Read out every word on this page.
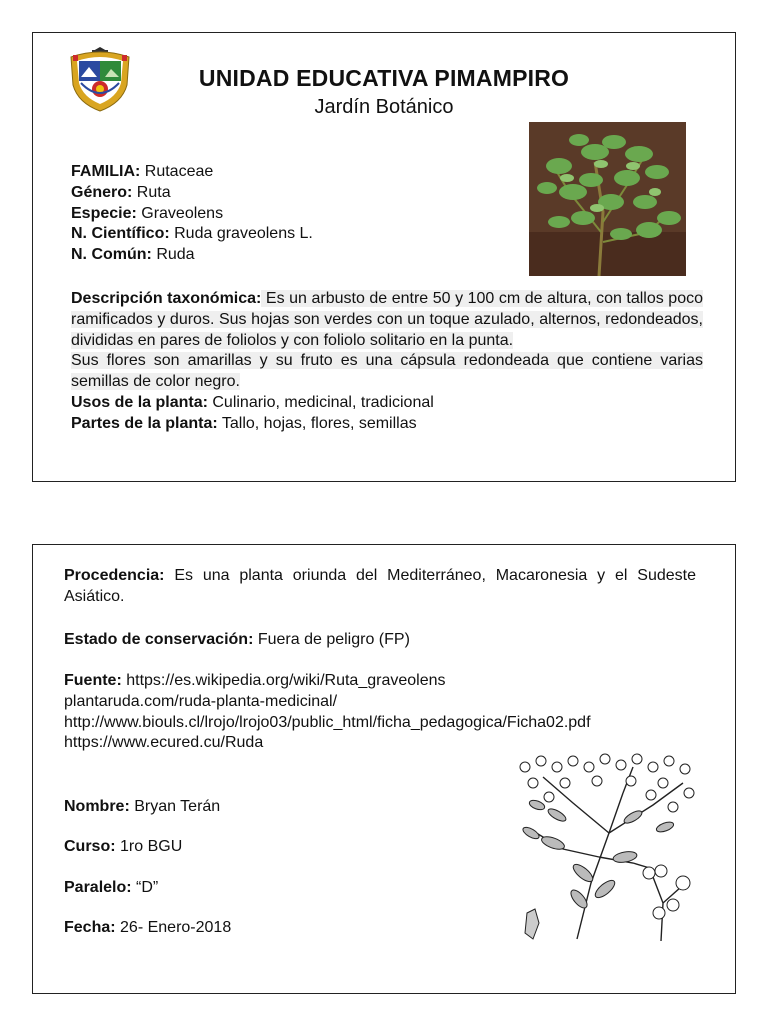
UNIDAD EDUCATIVA PIMAMPIRO
Jardín Botánico
FAMILIA: Rutaceae
Género: Ruta
Especie: Graveolens
N. Científico: Ruda graveolens L.
N. Común: Ruda

Descripción taxonómica: Es un arbusto de entre 50 y 100 cm de altura, con tallos poco ramificados y duros. Sus hojas son verdes con un toque azulado, alternos, redondeados, divididas en pares de foliolos y con foliolo solitario en la punta.

Sus flores son amarillas y su fruto es una cápsula redondeada que contiene varias semillas de color negro.

Usos de la planta: Culinario, medicinal, tradicional

Partes de la planta: Tallo, hojas, flores, semillas

Procedencia: Es una planta oriunda del Mediterráneo, Macaronesia y el Sudeste Asiático.
Estado de conservación: Fuera de peligro (FP)
Fuente: https://es.wikipedia.org/wiki/Ruta_graveolens
plantaruda.com/ruda-planta-medicinal/
http://www.biouls.cl/lrojo/lrojo03/public_html/ficha_pedagogica/Ficha02.pdf
https://www.ecured.cu/Ruda
Nombre: Bryan Terán
Curso: 1ro BGU
Paralelo: “D”
Fecha: 26- Enero-2018
